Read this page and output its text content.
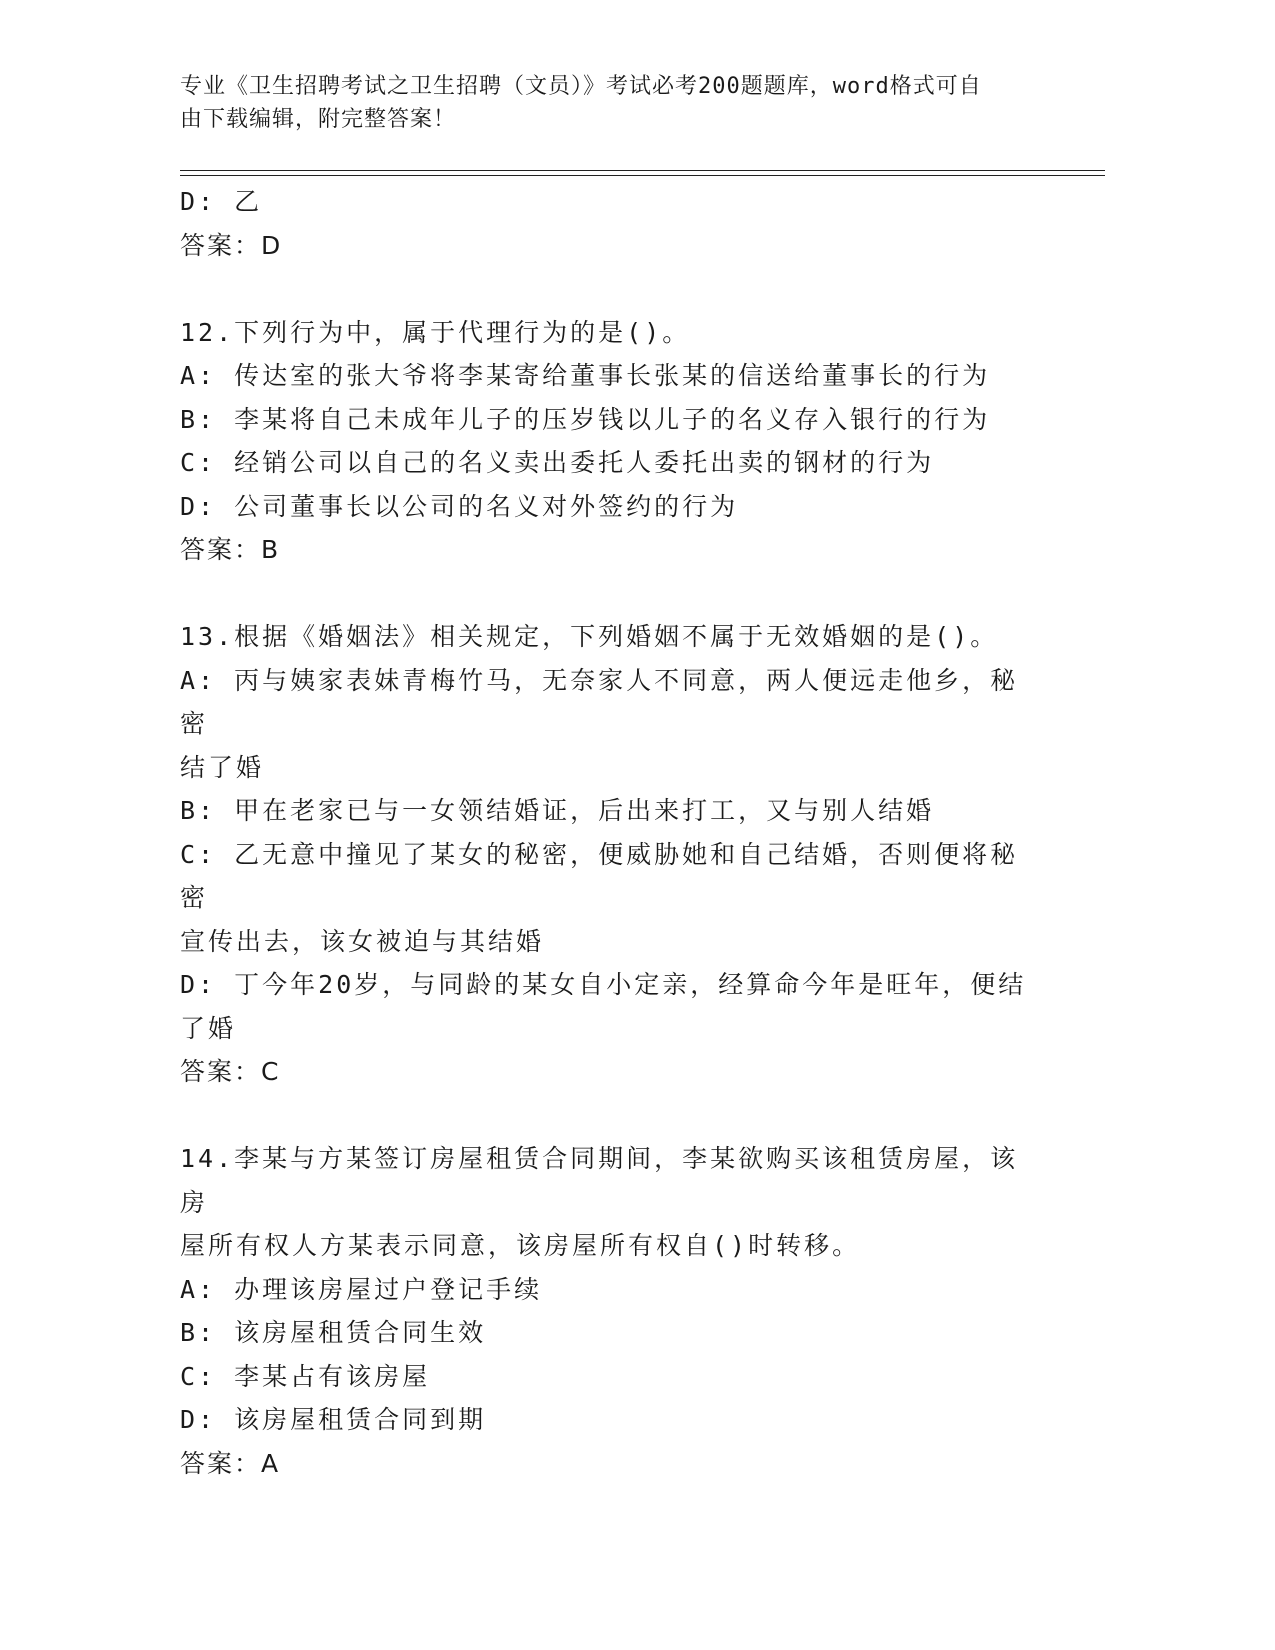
专业《卫生招聘考试之卫生招聘（文员）》考试必考200题题库，word格式可自
由下载编辑，附完整答案！
D: 乙
答案：D
12.下列行为中，属于代理行为的是()。
A: 传达室的张大爷将李某寄给董事长张某的信送给董事长的行为
B: 李某将自己未成年儿子的压岁钱以儿子的名义存入银行的行为
C: 经销公司以自己的名义卖出委托人委托出卖的钢材的行为
D: 公司董事长以公司的名义对外签约的行为
答案：B
13.根据《婚姻法》相关规定，下列婚姻不属于无效婚姻的是()。
A: 丙与姨家表妹青梅竹马，无奈家人不同意，两人便远走他乡，秘密
结了婚
B: 甲在老家已与一女领结婚证，后出来打工，又与别人结婚
C: 乙无意中撞见了某女的秘密，便威胁她和自己结婚，否则便将秘密
宣传出去，该女被迫与其结婚
D: 丁今年20岁，与同龄的某女自小定亲，经算命今年是旺年，便结
了婚
答案：C
14.李某与方某签订房屋租赁合同期间，李某欲购买该租赁房屋，该房
屋所有权人方某表示同意，该房屋所有权自()时转移。
A: 办理该房屋过户登记手续
B: 该房屋租赁合同生效
C: 李某占有该房屋
D: 该房屋租赁合同到期
答案：A
